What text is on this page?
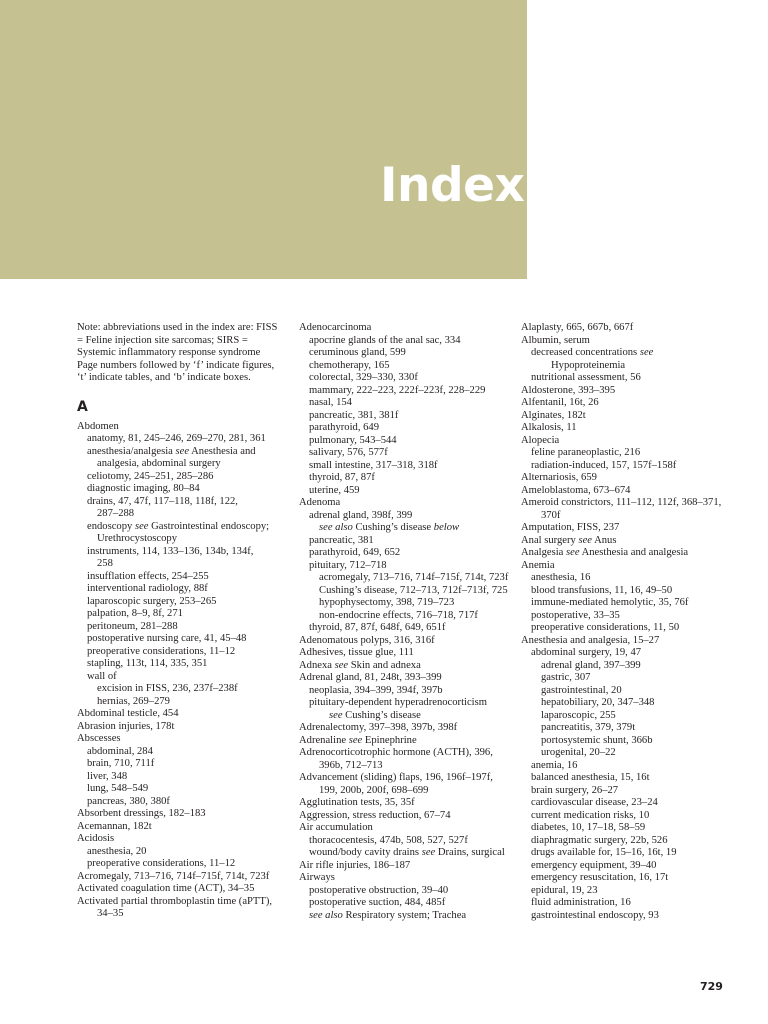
Index
Note: abbreviations used in the index are: FISS
= Feline injection site sarcomas; SIRS =
Systemic inflammatory response syndrome
Page numbers followed by ‘f’ indicate figures,
‘t’ indicate tables, and ‘b’ indicate boxes.
A
Abdomen
anatomy, 81, 245–246, 269–270, 281, 361
anesthesia/analgesia see Anesthesia and
analgesia, abdominal surgery
celiotomy, 245–251, 285–286
diagnostic imaging, 80–84
drains, 47, 47f, 117–118, 118f, 122,
287–288
endoscopy see Gastrointestinal endoscopy;
Urethrocystoscopy
instruments, 114, 133–136, 134b, 134f,
258
insufflation effects, 254–255
interventional radiology, 88f
laparoscopic surgery, 253–265
palpation, 8–9, 8f, 271
peritoneum, 281–288
postoperative nursing care, 41, 45–48
preoperative considerations, 11–12
stapling, 113t, 114, 335, 351
wall of
excision in FISS, 236, 237f–238f
hernias, 269–279
Abdominal testicle, 454
Abrasion injuries, 178t
Abscesses
abdominal, 284
brain, 710, 711f
liver, 348
lung, 548–549
pancreas, 380, 380f
Absorbent dressings, 182–183
Acemannan, 182t
Acidosis
anesthesia, 20
preoperative considerations, 11–12
Acromegaly, 713–716, 714f–715f, 714t, 723f
Activated coagulation time (ACT), 34–35
Activated partial thromboplastin time (aPTT),
34–35
Adenocarcinoma
apocrine glands of the anal sac, 334
ceruminous gland, 599
chemotherapy, 165
colorectal, 329–330, 330f
mammary, 222–223, 222f–223f, 228–229
nasal, 154
pancreatic, 381, 381f
parathyroid, 649
pulmonary, 543–544
salivary, 576, 577f
small intestine, 317–318, 318f
thyroid, 87, 87f
uterine, 459
Adenoma
adrenal gland, 398f, 399
see also Cushing’s disease below
pancreatic, 381
parathyroid, 649, 652
pituitary, 712–718
acromegaly, 713–716, 714f–715f, 714t, 723f
Cushing’s disease, 712–713, 712f–713f, 725
hypophysectomy, 398, 719–723
non-endocrine effects, 716–718, 717f
thyroid, 87, 87f, 648f, 649, 651f
Adenomatous polyps, 316, 316f
Adhesives, tissue glue, 111
Adnexa see Skin and adnexa
Adrenal gland, 81, 248t, 393–399
neoplasia, 394–399, 394f, 397b
pituitary-dependent hyperadrenocorticism
see Cushing’s disease
Adrenalectomy, 397–398, 397b, 398f
Adrenaline see Epinephrine
Adrenocorticotrophic hormone (ACTH), 396,
396b, 712–713
Advancement (sliding) flaps, 196, 196f–197f,
199, 200b, 200f, 698–699
Agglutination tests, 35, 35f
Aggression, stress reduction, 67–74
Air accumulation
thoracocentesis, 474b, 508, 527, 527f
wound/body cavity drains see Drains, surgical
Air rifle injuries, 186–187
Airways
postoperative obstruction, 39–40
postoperative suction, 484, 485f
see also Respiratory system; Trachea
Alaplasty, 665, 667b, 667f
Albumin, serum
decreased concentrations see
Hypoproteinemia
nutritional assessment, 56
Aldosterone, 393–395
Alfentanil, 16t, 26
Alginates, 182t
Alkalosis, 11
Alopecia
feline paraneoplastic, 216
radiation-induced, 157, 157f–158f
Alternariosis, 659
Ameloblastoma, 673–674
Ameroid constrictors, 111–112, 112f, 368–371,
370f
Amputation, FISS, 237
Anal surgery see Anus
Analgesia see Anesthesia and analgesia
Anemia
anesthesia, 16
blood transfusions, 11, 16, 49–50
immune-mediated hemolytic, 35, 76f
postoperative, 33–35
preoperative considerations, 11, 50
Anesthesia and analgesia, 15–27
abdominal surgery, 19, 47
adrenal gland, 397–399
gastric, 307
gastrointestinal, 20
hepatobiliary, 20, 347–348
laparoscopic, 255
pancreatitis, 379, 379t
portosystemic shunt, 366b
urogenital, 20–22
anemia, 16
balanced anesthesia, 15, 16t
brain surgery, 26–27
cardiovascular disease, 23–24
current medication risks, 10
diabetes, 10, 17–18, 58–59
diaphragmatic surgery, 22b, 526
drugs available for, 15–16, 16t, 19
emergency equipment, 39–40
emergency resuscitation, 16, 17t
epidural, 19, 23
fluid administration, 16
gastrointestinal endoscopy, 93
729
